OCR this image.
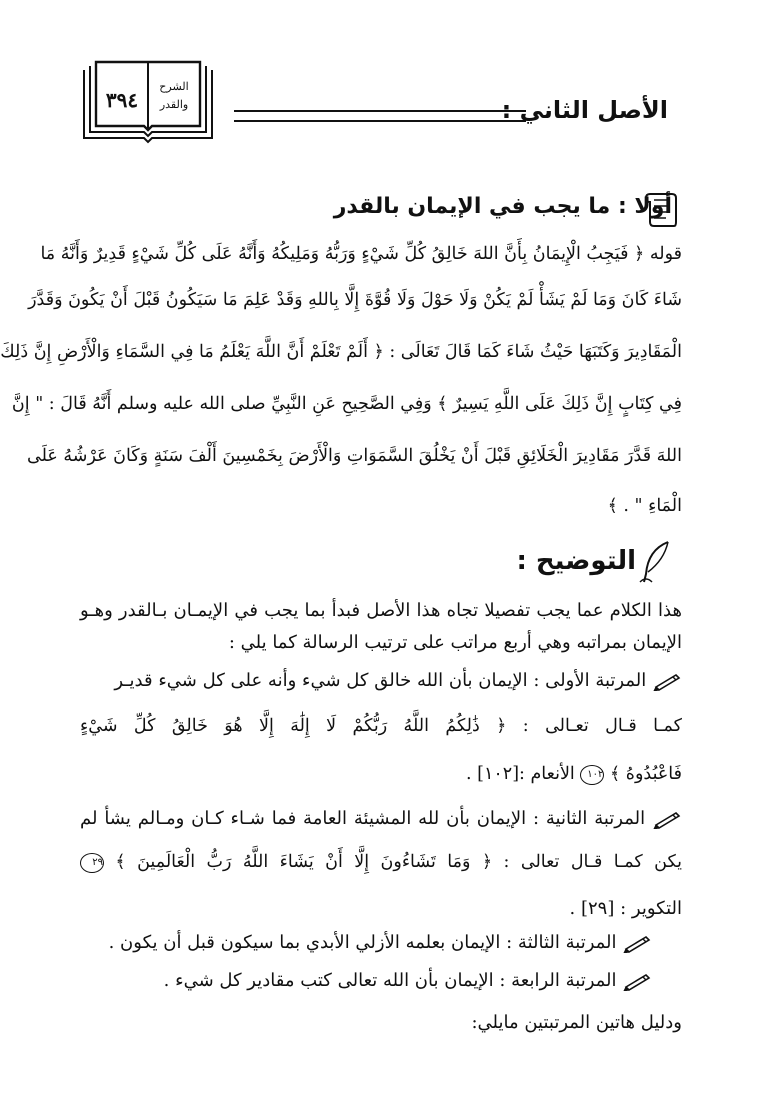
الأصل الثاني :
الشرح
والقدر
٣٩٤
أولا : ما يجب في الإيمان بالقدر
قوله ﴿ فَيَجِبُ الْإِيمَانُ بِأَنَّ اللهَ خَالِقُ كُلِّ شَيْءٍ وَرَبُّهُ وَمَلِيكُهُ وَأَنَّهُ عَلَى كُلِّ شَيْءٍ قَدِيرٌ وَأَنَّهُ مَا
شَاءَ كَانَ وَمَا لَمْ يَشَأْ لَمْ يَكُنْ وَلَا حَوْلَ وَلَا قُوَّةَ إِلَّا بِاللهِ وَقَدْ عَلِمَ مَا سَيَكُونُ قَبْلَ أَنْ يَكُونَ وَقَدَّرَ
الْمَقَادِيرَ وَكَتَبَهَا حَيْثُ شَاءَ كَمَا قَالَ تَعَالَى : ﴿ أَلَمْ تَعْلَمْ أَنَّ اللَّهَ يَعْلَمُ مَا فِي السَّمَاءِ وَالْأَرْضِ إِنَّ ذَلِكَ
فِي كِتَابٍ إِنَّ ذَلِكَ عَلَى اللَّهِ يَسِيرٌ ﴾ وَفِي الصَّحِيحِ عَنِ النَّبِيِّ صلى الله عليه وسلم أَنَّهُ قَالَ : " إِنَّ
اللهَ قَدَّرَ مَقَادِيرَ الْخَلَائِقِ قَبْلَ أَنْ يَخْلُقَ السَّمَوَاتِ وَالْأَرْضَ بِخَمْسِينَ أَلْفَ سَنَةٍ وَكَانَ عَرْشُهُ عَلَى
الْمَاءِ " . ﴾
التوضيح :
هذا الكلام عما يجب تفصيلا تجاه هذا الأصل فبدأ بما يجب في الإيمـان بـالقدر وهـو
الإيمان بمراتبه وهي أربع مراتب على ترتيب الرسالة كما يلي :
المرتبة الأولى : الإيمان بأن الله خالق كل شيء وأنه على كل شيء قديـر
كمـا قـال تعـالى : ﴿ ذَٰلِكُمُ اللَّهُ رَبُّكُمْ لَا إِلَٰهَ إِلَّا هُوَ خَالِقُ كُلِّ شَيْءٍ
فَاعْبُدُوهُ ﴾ ١٠٢ الأنعام :[١٠٢] .
المرتبة الثانية : الإيمان بأن لله المشيئة العامة فما شـاء كـان ومـالم يشأ لم
يكن كمـا قـال تعالى : ﴿ وَمَا تَشَاءُونَ إِلَّا أَنْ يَشَاءَ اللَّهُ رَبُّ الْعَالَمِينَ ﴾ ٢٩
التكوير : [٢٩] .
المرتبة الثالثة : الإيمان بعلمه الأزلي الأبدي بما سيكون قبل أن يكون .
المرتبة الرابعة : الإيمان بأن الله تعالى كتب مقادير كل شيء .
ودليل هاتين المرتبتين مايلي:
